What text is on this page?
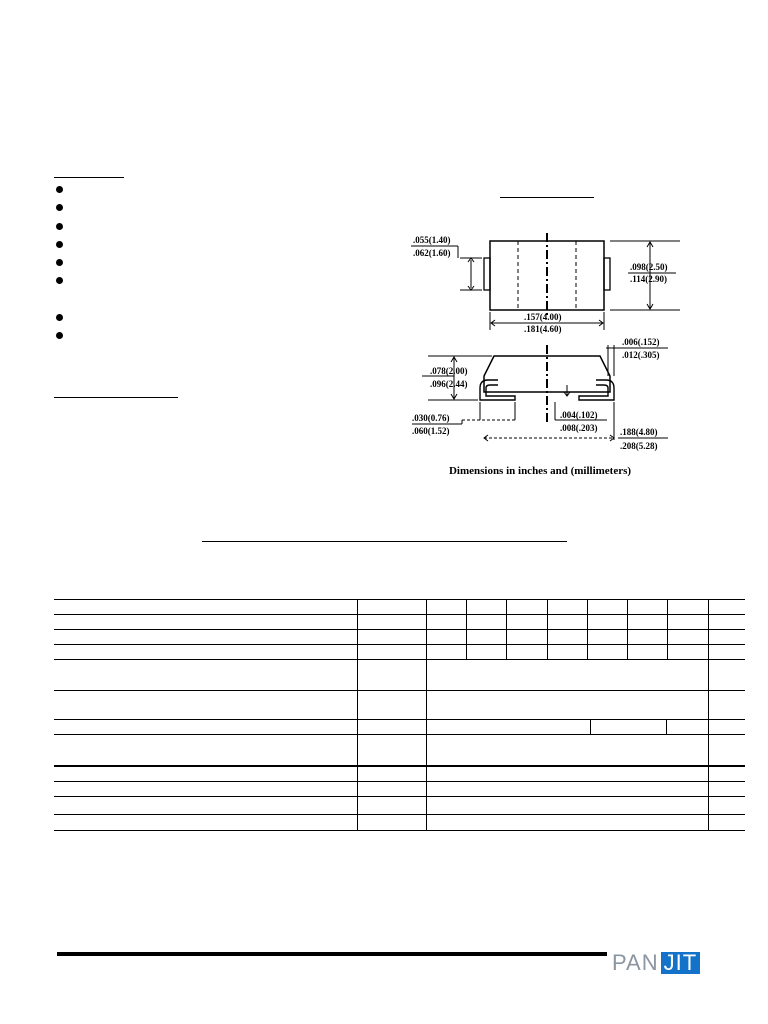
.055(1.40)
.062(1.60)
.098(2.50)
.114(2.90)
.157(4.00)
.181(4.60)
.006(.152)
.012(.305)
.078(2.00)
.096(2.44)
.030(0.76)
.060(1.52)
.004(.102)
.008(.203)	.188(4.80)
.208(5.28)
Dimensions in inches and (millimeters)
PAN JIT
